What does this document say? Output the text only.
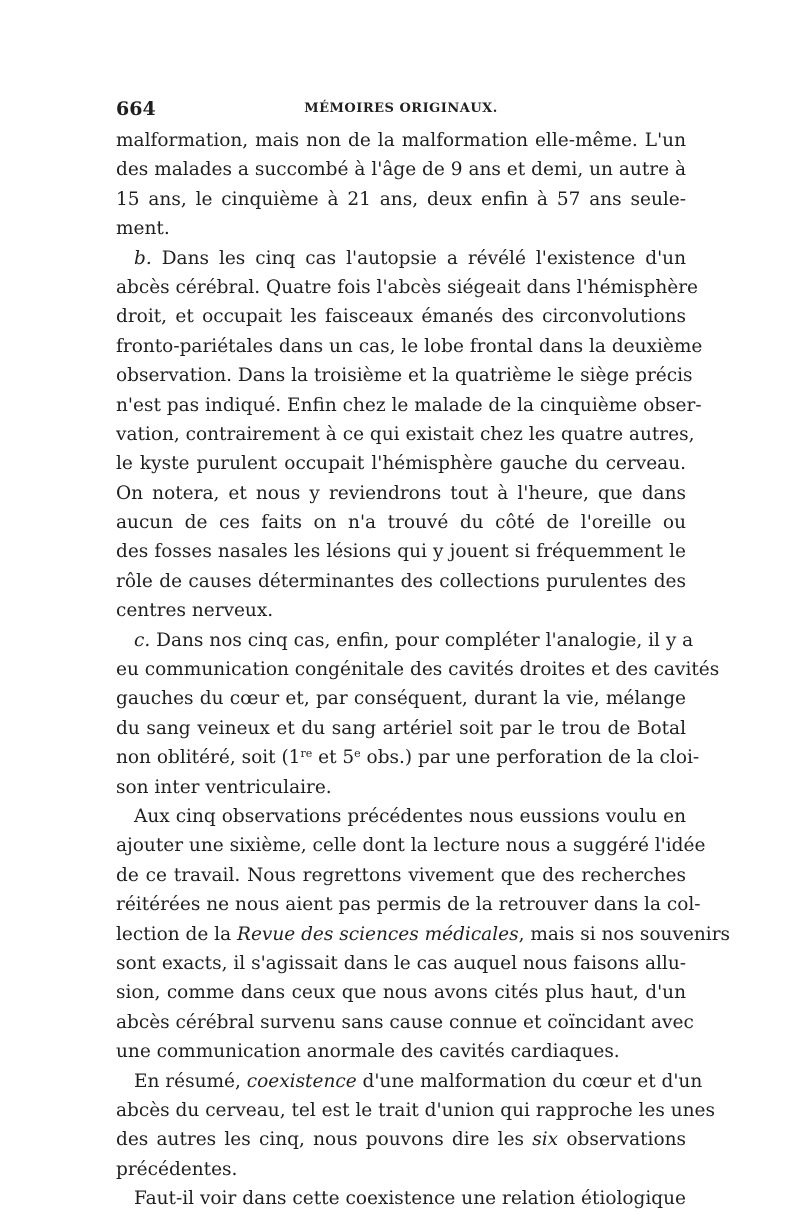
664	MÉMOIRES ORIGINAUX.
malformation, mais non de la malformation elle-même. L'un
des malades a succombé à l'âge de 9 ans et demi, un autre à
15 ans, le cinquième à 21 ans, deux enfin à 57 ans seule-
ment.
b. Dans les cinq cas l'autopsie a révélé l'existence d'un
abcès cérébral. Quatre fois l'abcès siégeait dans l'hémisphère
droit, et occupait les faisceaux émanés des circonvolutions
fronto-pariétales dans un cas, le lobe frontal dans la deuxième
observation. Dans la troisième et la quatrième le siège précis
n'est pas indiqué. Enfin chez le malade de la cinquième obser-
vation, contrairement à ce qui existait chez les quatre autres,
le kyste purulent occupait l'hémisphère gauche du cerveau.
On notera, et nous y reviendrons tout à l'heure, que dans
aucun de ces faits on n'a trouvé du côté de l'oreille ou
des fosses nasales les lésions qui y jouent si fréquemment le
rôle de causes déterminantes des collections purulentes des
centres nerveux.
c. Dans nos cinq cas, enfin, pour compléter l'analogie, il y a
eu communication congénitale des cavités droites et des cavités
gauches du cœur et, par conséquent, durant la vie, mélange
du sang veineux et du sang artériel soit par le trou de Botal
non oblitéré, soit (1re et 5e obs.) par une perforation de la cloi-
son inter ventriculaire.
Aux cinq observations précédentes nous eussions voulu en
ajouter une sixième, celle dont la lecture nous a suggéré l'idée
de ce travail. Nous regrettons vivement que des recherches
réitérées ne nous aient pas permis de la retrouver dans la col-
lection de la Revue des sciences médicales, mais si nos souvenirs
sont exacts, il s'agissait dans le cas auquel nous faisons allu-
sion, comme dans ceux que nous avons cités plus haut, d'un
abcès cérébral survenu sans cause connue et coïncidant avec
une communication anormale des cavités cardiaques.
En résumé, coexistence d'une malformation du cœur et d'un
abcès du cerveau, tel est le trait d'union qui rapproche les unes
des autres les cinq, nous pouvons dire les six observations
précédentes.
Faut-il voir dans cette coexistence une relation étiologique
